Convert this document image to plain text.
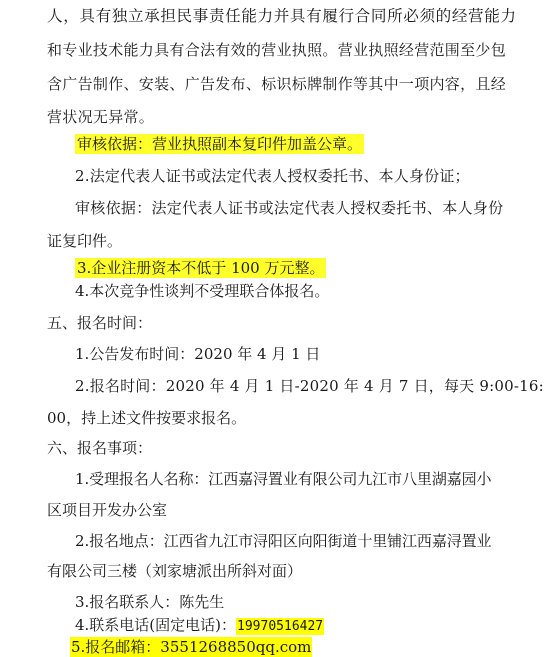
人，具有独立承担民事责任能力并具有履行合同所必须的经营能力
和专业技术能力具有合法有效的营业执照。营业执照经营范围至少包
含广告制作、安装、广告发布、标识标牌制作等其中一项内容，且经
营状况无异常。
审核依据：营业执照副本复印件加盖公章。
2.法定代表人证书或法定代表人授权委托书、本人身份证；
审核依据：法定代表人证书或法定代表人授权委托书、本人身份
证复印件。
3.企业注册资本不低于 100 万元整。
4.本次竞争性谈判不受理联合体报名。
五、报名时间：
1.公告发布时间：2020 年 4 月 1 日
2.报名时间：2020 年 4 月 1 日-2020 年 4 月 7 日，每天 9:00-16:
00，持上述文件按要求报名。
六、报名事项：
1.受理报名人名称：江西嘉浔置业有限公司九江市八里湖嘉园小
区项目开发办公室
2.报名地点：江西省九江市浔阳区向阳街道十里铺江西嘉浔置业
有限公司三楼（刘家塘派出所斜对面）
3.报名联系人：陈先生
4.联系电话(固定电话)：19970516427
5.报名邮箱：3551268850qq.com
